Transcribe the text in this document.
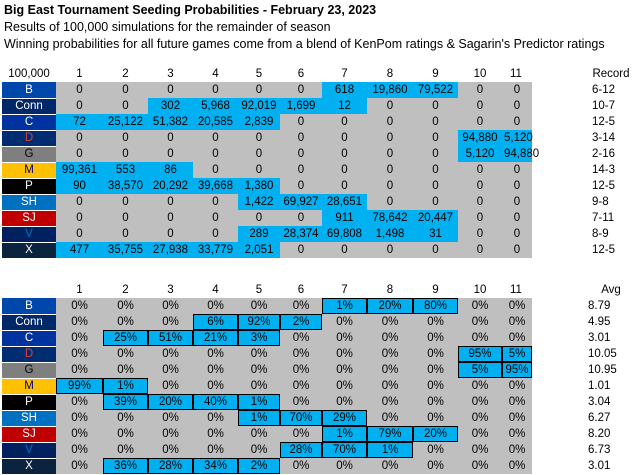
Big East Tournament Seeding Probabilities - February 23, 2023
Results of 100,000 simulations for the remainder of season
Winning probabilities for all future games come from a blend of KenPom ratings & Sagarin's Predictor ratings
100,000	1	2	3	4	5	6	7	8	9	10	11		Record	
B	0	0	0	0	0	0	618	19,860	79,522	0	0		6-12	
Conn	0	0	302	5,968	92,019	1,699	12	0	0	0	0		10-7	
C	72	25,122	51,382	20,585	2,839	0	0	0	0	0	0		12-5	
D	0	0	0	0	0	0	0	0	0	94,880	5,120		3-14	
G	0	0	0	0	0	0	0	0	0	5,120	94,880		2-16	
M	99,361	553	86	0	0	0	0	0	0	0	0		14-3	
P	90	38,570	20,292	39,668	1,380	0	0	0	0	0	0		12-5	
SH	0	0	0	0	1,422	69,927	28,651	0	0	0	0		9-8	
SJ	0	0	0	0	0	0	911	78,642	20,447	0	0		7-11	
V	0	0	0	0	289	28,374	69,808	1,498	31	0	0		8-9	
X	477	35,755	27,938	33,779	2,051	0	0	0	0	0	0		12-5	
	1	2	3	4	5	6	7	8	9	10	11		Avg	
B	0%	0%	0%	0%	0%	0%	1%	20%	80%	0%	0%		8.79	
Conn	0%	0%	0%	6%	92%	2%	0%	0%	0%	0%	0%		4.95	
C	0%	25%	51%	21%	3%	0%	0%	0%	0%	0%	0%		3.01	
D	0%	0%	0%	0%	0%	0%	0%	0%	0%	95%	5%		10.05	
G	0%	0%	0%	0%	0%	0%	0%	0%	0%	5%	95%		10.95	
M	99%	1%	0%	0%	0%	0%	0%	0%	0%	0%	0%		1.01	
P	0%	39%	20%	40%	1%	0%	0%	0%	0%	0%	0%		3.04	
SH	0%	0%	0%	0%	1%	70%	29%	0%	0%	0%	0%		6.27	
SJ	0%	0%	0%	0%	0%	0%	1%	79%	20%	0%	0%		8.20	
V	0%	0%	0%	0%	0%	28%	70%	1%	0%	0%	0%		6.73	
X	0%	36%	28%	34%	2%	0%	0%	0%	0%	0%	0%		3.01	
